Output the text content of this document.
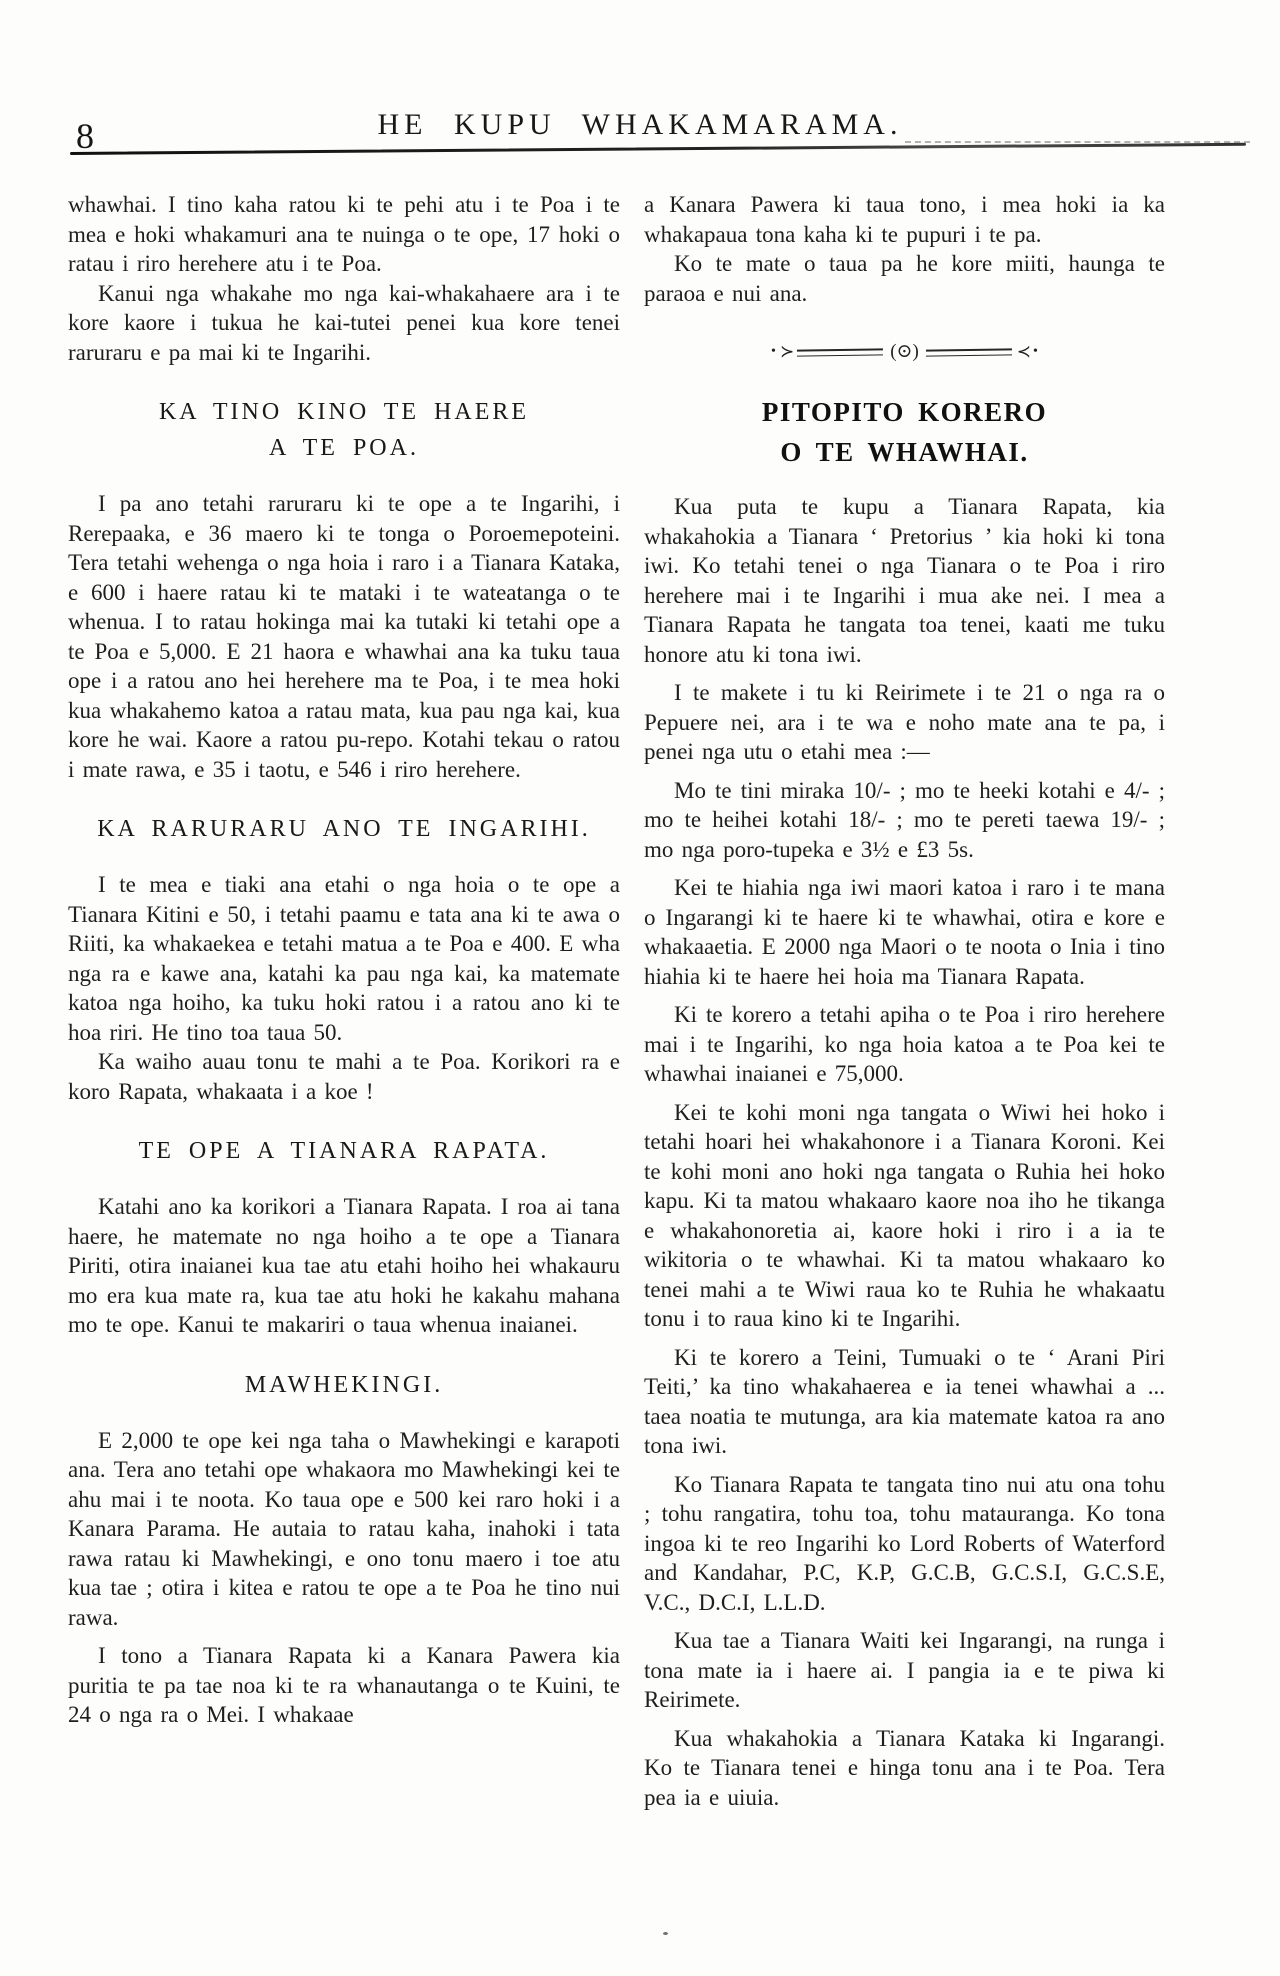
8	HE KUPU WHAKAMARAMA.

whawhai. I tino kaha ratou ki te pehi atu i te Poa i te mea e hoki whakamuri ana te nuinga o te ope, 17 hoki o ratau i riro herehere atu i te Poa.

Kanui nga whakahe mo nga kai-whakahaere ara i te kore kaore i tukua he kai-tutei penei kua kore tenei raruraru e pa mai ki te Ingarihi.

KA TINO KINO TE HAERE
A TE POA.

I pa ano tetahi raruraru ki te ope a te Ingarihi, i Rerepaaka, e 36 maero ki te tonga o Poroemepoteini. Tera tetahi wehenga o nga hoia i raro i a Tianara Kataka, e 600 i haere ratau ki te mataki i te wateatanga o te whenua. I to ratau hokinga mai ka tutaki ki tetahi ope a te Poa e 5,000. E 21 haora e whawhai ana ka tuku taua ope i a ratou ano hei herehere ma te Poa, i te mea hoki kua whakahemo katoa a ratau mata, kua pau nga kai, kua kore he wai. Kaore a ratou pu-repo. Kotahi tekau o ratou i mate rawa, e 35 i taotu, e 546 i riro herehere.

KA RARURARU ANO TE INGARIHI.

I te mea e tiaki ana etahi o nga hoia o te ope a Tianara Kitini e 50, i tetahi paamu e tata ana ki te awa o Riiti, ka whakaekea e tetahi matua a te Poa e 400. E wha nga ra e kawe ana, katahi ka pau nga kai, ka matemate katoa nga hoiho, ka tuku hoki ratou i a ratou ano ki te hoa riri. He tino toa taua 50.

Ka waiho auau tonu te mahi a te Poa. Korikori ra e koro Rapata, whakaata i a koe !

TE OPE A TIANARA RAPATA.

Katahi ano ka korikori a Tianara Rapata. I roa ai tana haere, he matemate no nga hoiho a te ope a Tianara Piriti, otira inaianei kua tae atu etahi hoiho hei whakauru mo era kua mate ra, kua tae atu hoki he kakahu mahana mo te ope. Kanui te makariri o taua whenua inaianei.

MAWHEKINGI.

E 2,000 te ope kei nga taha o Mawhekingi e karapoti ana. Tera ano tetahi ope whakaora mo Mawhekingi kei te ahu mai i te noota. Ko taua ope e 500 kei raro hoki i a Kanara Parama. He autaia to ratau kaha, inahoki i tata rawa ratau ki Mawhekingi, e ono tonu maero i toe atu kua tae ; otira i kitea e ratou te ope a te Poa he tino nui rawa.

I tono a Tianara Rapata ki a Kanara Pawera kia puritia te pa tae noa ki te ra whanautanga o te Kuini, te 24 o nga ra o Mei. I whakaae

a Kanara Pawera ki taua tono, i mea hoki ia ka whakapaua tona kaha ki te pupuri i te pa.

Ko te mate o taua pa he kore miiti, haunga te paraoa e nui ana.

• ≻	(⊙)	≺ •
PITOPITO KORERO
O TE WHAWHAI.

Kua puta te kupu a Tianara Rapata, kia whakahokia a Tianara ‘ Pretorius ’ kia hoki ki tona iwi. Ko tetahi tenei o nga Tianara o te Poa i riro herehere mai i te Ingarihi i mua ake nei. I mea a Tianara Rapata he tangata toa tenei, kaati me tuku honore atu ki tona iwi.

I te makete i tu ki Reirimete i te 21 o nga ra o Pepuere nei, ara i te wa e noho mate ana te pa, i penei nga utu o etahi mea :—

Mo te tini miraka 10/- ; mo te heeki kotahi e 4/- ; mo te heihei kotahi 18/- ; mo te pereti taewa 19/- ; mo nga poro-tupeka e 3½ e £3 5s.

Kei te hiahia nga iwi maori katoa i raro i te mana o Ingarangi ki te haere ki te whawhai, otira e kore e whakaaetia. E 2000 nga Maori o te noota o Inia i tino hiahia ki te haere hei hoia ma Tianara Rapata.

Ki te korero a tetahi apiha o te Poa i riro herehere mai i te Ingarihi, ko nga hoia katoa a te Poa kei te whawhai inaianei e 75,000.

Kei te kohi moni nga tangata o Wiwi hei hoko i tetahi hoari hei whakahonore i a Tianara Koroni. Kei te kohi moni ano hoki nga tangata o Ruhia hei hoko kapu. Ki ta matou whakaaro kaore noa iho he tikanga e whakahonoretia ai, kaore hoki i riro i a ia te wikitoria o te whawhai. Ki ta matou whakaaro ko tenei mahi a te Wiwi raua ko te Ruhia he whakaatu tonu i to raua kino ki te Ingarihi.

Ki te korero a Teini, Tumuaki o te ‘ Arani Piri Teiti,’ ka tino whakahaerea e ia tenei whawhai a ... taea noatia te mutunga, ara kia matemate katoa ra ano tona iwi.

Ko Tianara Rapata te tangata tino nui atu ona tohu ; tohu rangatira, tohu toa, tohu matauranga. Ko tona ingoa ki te reo Ingarihi ko Lord Roberts of Waterford and Kandahar, P.C, K.P, G.C.B, G.C.S.I, G.C.S.E, V.C., D.C.I, L.L.D.

Kua tae a Tianara Waiti kei Ingarangi, na runga i tona mate ia i haere ai. I pangia ia e te piwa ki Reirimete.

Kua whakahokia a Tianara Kataka ki Ingarangi. Ko te Tianara tenei e hinga tonu ana i te Poa. Tera pea ia e uiuia.
